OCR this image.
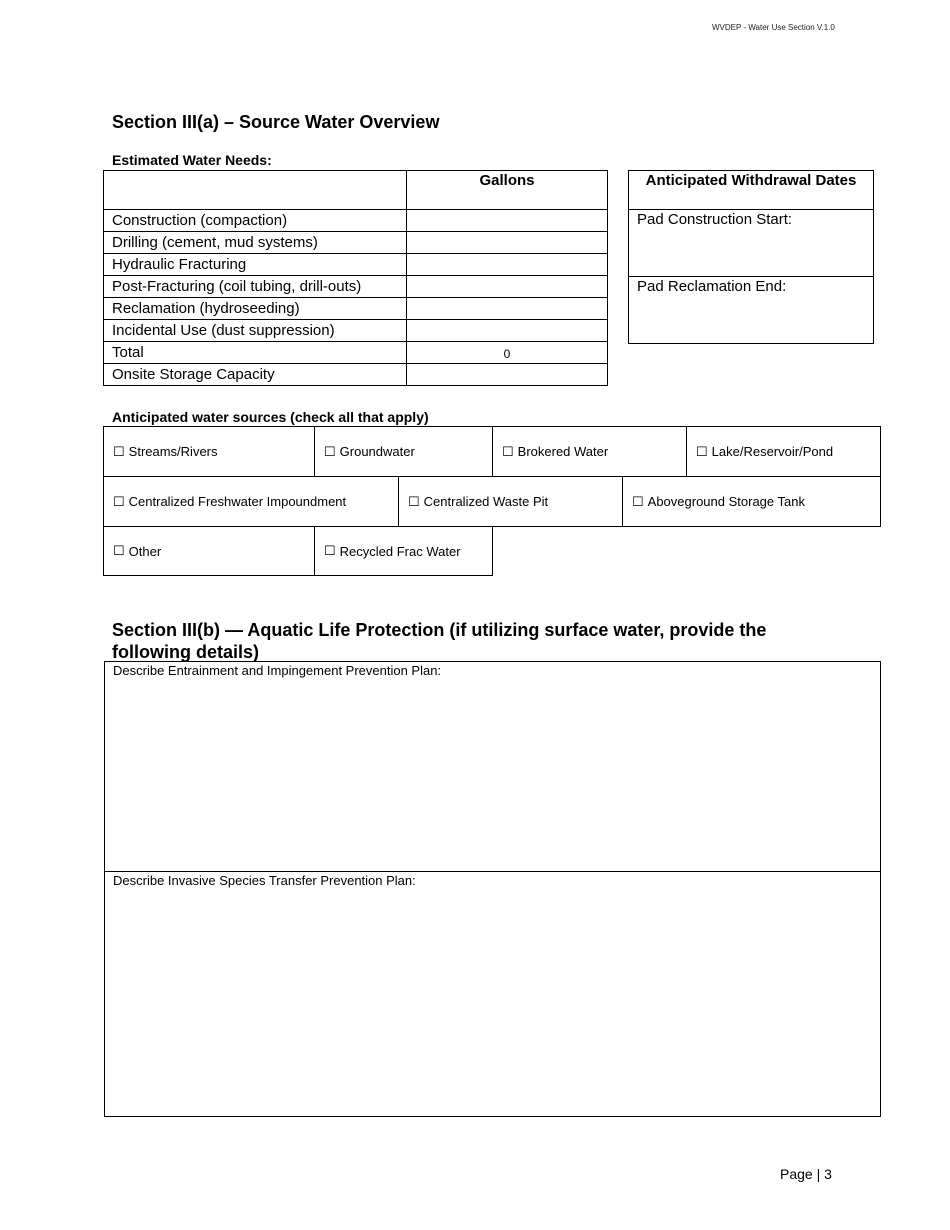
WVDEP - Water Use Section V.1.0
Section III(a) – Source Water Overview
Estimated Water Needs:
	Gallons
Construction (compaction)	
Drilling (cement, mud systems)	
Hydraulic Fracturing	
Post-Fracturing (coil tubing, drill-outs)	
Reclamation (hydroseeding)	
Incidental Use (dust suppression)	
Total	0
Onsite Storage Capacity	
Anticipated Withdrawal Dates
Pad Construction Start:
Pad Reclamation End:
Anticipated water sources (check all that apply)
☐ Streams/Rivers	☐ Groundwater	☐ Brokered Water	☐ Lake/Reservoir/Pond
☐ Centralized Freshwater Impoundment	☐ Centralized Waste Pit	☐ Aboveground Storage Tank
☐ Other	☐ Recycled Frac Water
Section III(b) — Aquatic Life Protection (if utilizing surface water, provide the following details)
Describe Entrainment and Impingement Prevention Plan:
Describe Invasive Species Transfer Prevention Plan:
Page | 3
